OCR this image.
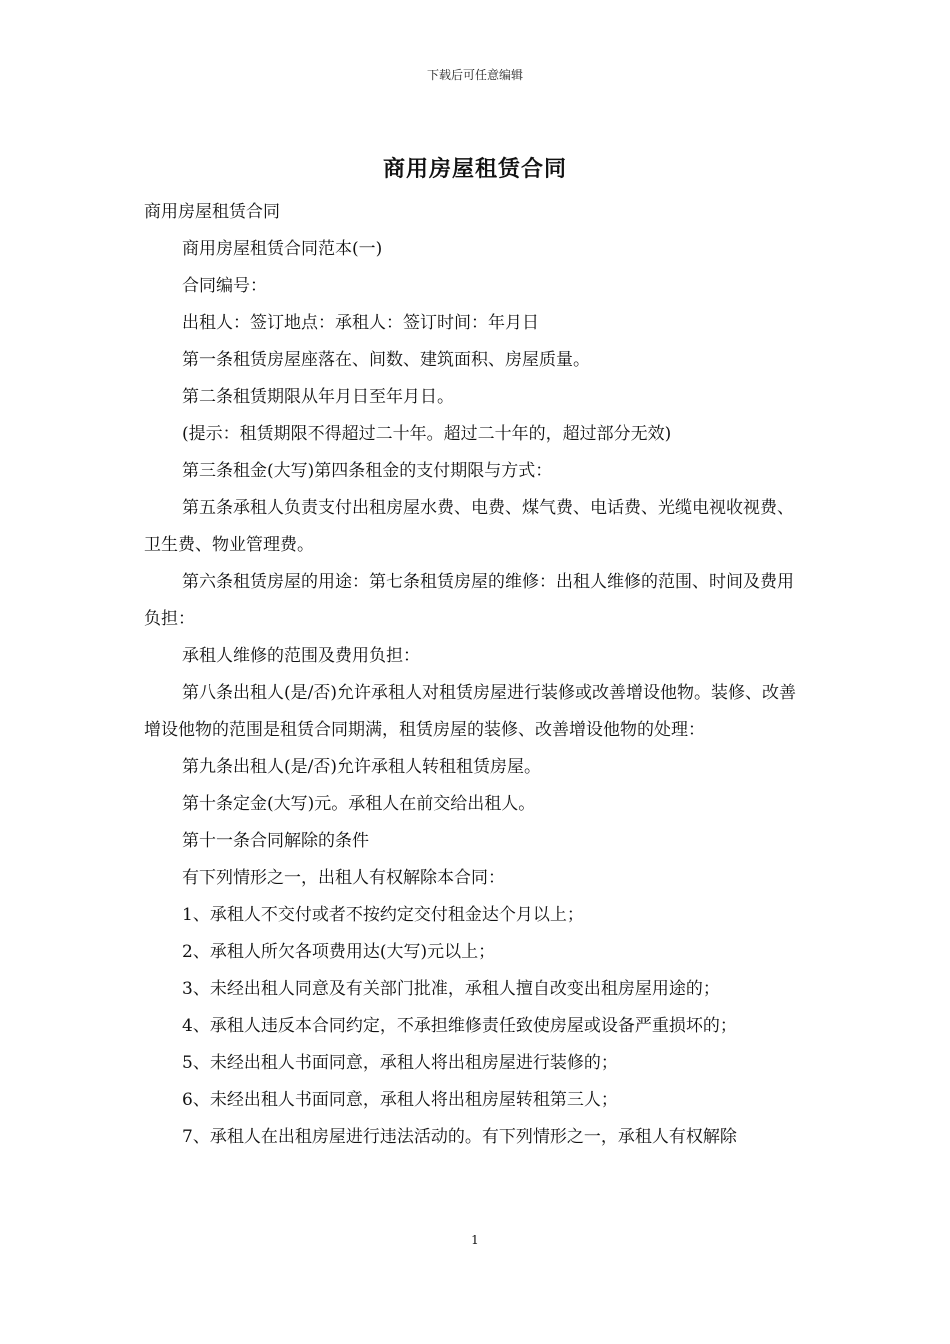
下载后可任意编辑
商用房屋租赁合同

商用房屋租赁合同

商用房屋租赁合同范本(一)

合同编号：

出租人：签订地点：承租人：签订时间：年月日

第一条租赁房屋座落在、间数、建筑面积、房屋质量。

第二条租赁期限从年月日至年月日。

(提示：租赁期限不得超过二十年。超过二十年的，超过部分无效)

第三条租金(大写)第四条租金的支付期限与方式：

第五条承租人负责支付出租房屋水费、电费、煤气费、电话费、光缆电视收视费、卫生费、物业管理费。

第六条租赁房屋的用途：第七条租赁房屋的维修：出租人维修的范围、时间及费用负担：

承租人维修的范围及费用负担：

第八条出租人(是/否)允许承租人对租赁房屋进行装修或改善增设他物。装修、改善增设他物的范围是租赁合同期满，租赁房屋的装修、改善增设他物的处理：

第九条出租人(是/否)允许承租人转租租赁房屋。

第十条定金(大写)元。承租人在前交给出租人。

第十一条合同解除的条件

有下列情形之一，出租人有权解除本合同：

1、承租人不交付或者不按约定交付租金达个月以上；

2、承租人所欠各项费用达(大写)元以上；

3、未经出租人同意及有关部门批准，承租人擅自改变出租房屋用途的；

4、承租人违反本合同约定，不承担维修责任致使房屋或设备严重损坏的；

5、未经出租人书面同意，承租人将出租房屋进行装修的；

6、未经出租人书面同意，承租人将出租房屋转租第三人；

7、承租人在出租房屋进行违法活动的。有下列情形之一，承租人有权解除

1
